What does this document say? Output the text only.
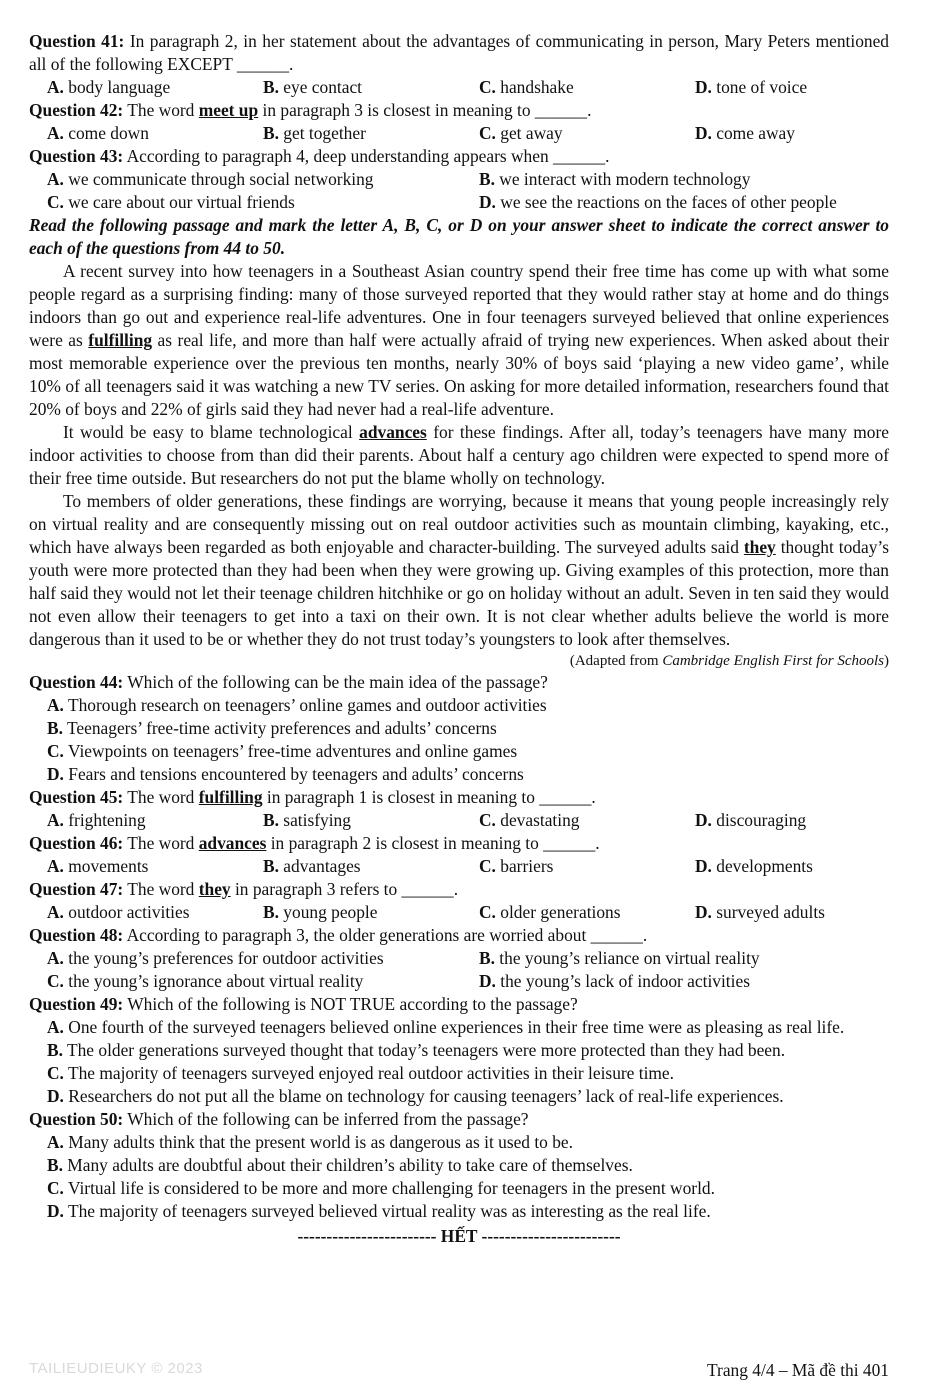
Question 41: In paragraph 2, in her statement about the advantages of communicating in person, Mary Peters mentioned all of the following EXCEPT ______.
A. body language	B. eye contact	C. handshake	D. tone of voice
Question 42: The word meet up in paragraph 3 is closest in meaning to ______.
A. come down	B. get together	C. get away	D. come away
Question 43: According to paragraph 4, deep understanding appears when ______.
A. we communicate through social networking	B. we interact with modern technology
C. we care about our virtual friends	D. we see the reactions on the faces of other people
Read the following passage and mark the letter A, B, C, or D on your answer sheet to indicate the correct answer to each of the questions from 44 to 50.
A recent survey into how teenagers in a Southeast Asian country spend their free time has come up with what some people regard as a surprising finding: many of those surveyed reported that they would rather stay at home and do things indoors than go out and experience real-life adventures. One in four teenagers surveyed believed that online experiences were as fulfilling as real life, and more than half were actually afraid of trying new experiences. When asked about their most memorable experience over the previous ten months, nearly 30% of boys said ‘playing a new video game’, while 10% of all teenagers said it was watching a new TV series. On asking for more detailed information, researchers found that 20% of boys and 22% of girls said they had never had a real-life adventure.
It would be easy to blame technological advances for these findings. After all, today’s teenagers have many more indoor activities to choose from than did their parents. About half a century ago children were expected to spend more of their free time outside. But researchers do not put the blame wholly on technology.
To members of older generations, these findings are worrying, because it means that young people increasingly rely on virtual reality and are consequently missing out on real outdoor activities such as mountain climbing, kayaking, etc., which have always been regarded as both enjoyable and character-building. The surveyed adults said they thought today’s youth were more protected than they had been when they were growing up. Giving examples of this protection, more than half said they would not let their teenage children hitchhike or go on holiday without an adult. Seven in ten said they would not even allow their teenagers to get into a taxi on their own. It is not clear whether adults believe the world is more dangerous than it used to be or whether they do not trust today’s youngsters to look after themselves.
(Adapted from Cambridge English First for Schools)
Question 44: Which of the following can be the main idea of the passage?
A. Thorough research on teenagers’ online games and outdoor activities
B. Teenagers’ free-time activity preferences and adults’ concerns
C. Viewpoints on teenagers’ free-time adventures and online games
D. Fears and tensions encountered by teenagers and adults’ concerns
Question 45: The word fulfilling in paragraph 1 is closest in meaning to ______.
A. frightening	B. satisfying	C. devastating	D. discouraging
Question 46: The word advances in paragraph 2 is closest in meaning to ______.
A. movements	B. advantages	C. barriers	D. developments
Question 47: The word they in paragraph 3 refers to ______.
A. outdoor activities	B. young people	C. older generations	D. surveyed adults
Question 48: According to paragraph 3, the older generations are worried about ______.
A. the young’s preferences for outdoor activities	B. the young’s reliance on virtual reality
C. the young’s ignorance about virtual reality	D. the young’s lack of indoor activities
Question 49: Which of the following is NOT TRUE according to the passage?
A. One fourth of the surveyed teenagers believed online experiences in their free time were as pleasing as real life.
B. The older generations surveyed thought that today’s teenagers were more protected than they had been.
C. The majority of teenagers surveyed enjoyed real outdoor activities in their leisure time.
D. Researchers do not put all the blame on technology for causing teenagers’ lack of real-life experiences.
Question 50: Which of the following can be inferred from the passage?
A. Many adults think that the present world is as dangerous as it used to be.
B. Many adults are doubtful about their children’s ability to take care of themselves.
C. Virtual life is considered to be more and more challenging for teenagers in the present world.
D. The majority of teenagers surveyed believed virtual reality was as interesting as the real life.
------------------------ HẾT ------------------------
TAILIEUDIEUKY © 2023	Trang 4/4 – Mã đề thi 401
